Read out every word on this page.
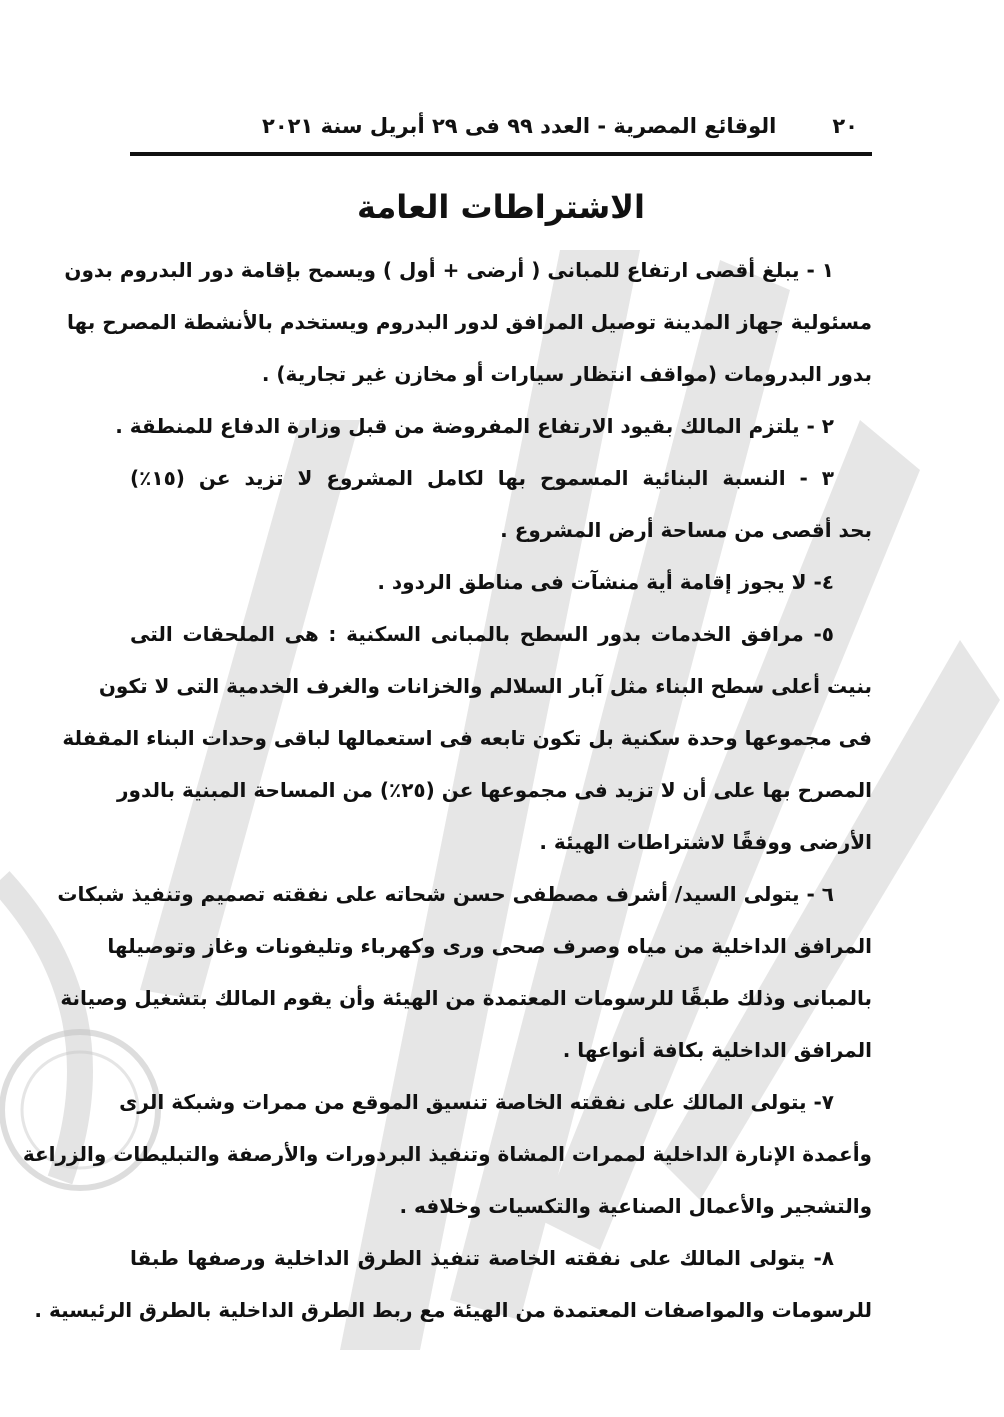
٢٠
الوقائع المصرية - العدد ٩٩ فى ٢٩ أبريل سنة ٢٠٢١
الاشتراطات العامة
١ - يبلغ أقصى ارتفاع للمبانى ( أرضى + أول ) ويسمح بإقامة دور البدروم بدون
مسئولية جهاز المدينة توصيل المرافق لدور البدروم ويستخدم بالأنشطة المصرح بها
بدور البدرومات (مواقف انتظار سيارات أو مخازن غير تجارية) .
٢ - يلتزم المالك بقيود الارتفاع المفروضة من قبل وزارة الدفاع للمنطقة .
٣ - النسبة البنائية المسموح بها لكامل المشروع لا تزيد عن (١٥٪)
بحد أقصى من مساحة أرض المشروع .
٤- لا يجوز إقامة أية منشآت فى مناطق الردود .
٥- مرافق الخدمات بدور السطح بالمبانى السكنية : هى الملحقات التى
بنيت أعلى سطح البناء مثل آبار السلالم والخزانات والغرف الخدمية التى لا تكون
فى مجموعها وحدة سكنية بل تكون تابعه فى استعمالها لباقى وحدات البناء المقفلة
المصرح بها على أن لا تزيد فى مجموعها عن (٢٥٪) من المساحة المبنية بالدور
الأرضى ووفقًا لاشتراطات الهيئة .
٦ - يتولى السيد/ أشرف مصطفى حسن شحاته على نفقته تصميم وتنفيذ شبكات
المرافق الداخلية من مياه وصرف صحى ورى وكهرباء وتليفونات وغاز وتوصيلها
بالمبانى وذلك طبقًا للرسومات المعتمدة من الهيئة وأن يقوم المالك بتشغيل وصيانة
المرافق الداخلية بكافة أنواعها .
٧- يتولى المالك على نفقته الخاصة تنسيق الموقع من ممرات وشبكة الرى
وأعمدة الإنارة الداخلية لممرات المشاة وتنفيذ البردورات والأرصفة والتبليطات والزراعة
والتشجير والأعمال الصناعية والتكسيات وخلافه .
٨- يتولى المالك على نفقته الخاصة تنفيذ الطرق الداخلية ورصفها طبقا
للرسومات والمواصفات المعتمدة من الهيئة مع ربط الطرق الداخلية بالطرق الرئيسية .
